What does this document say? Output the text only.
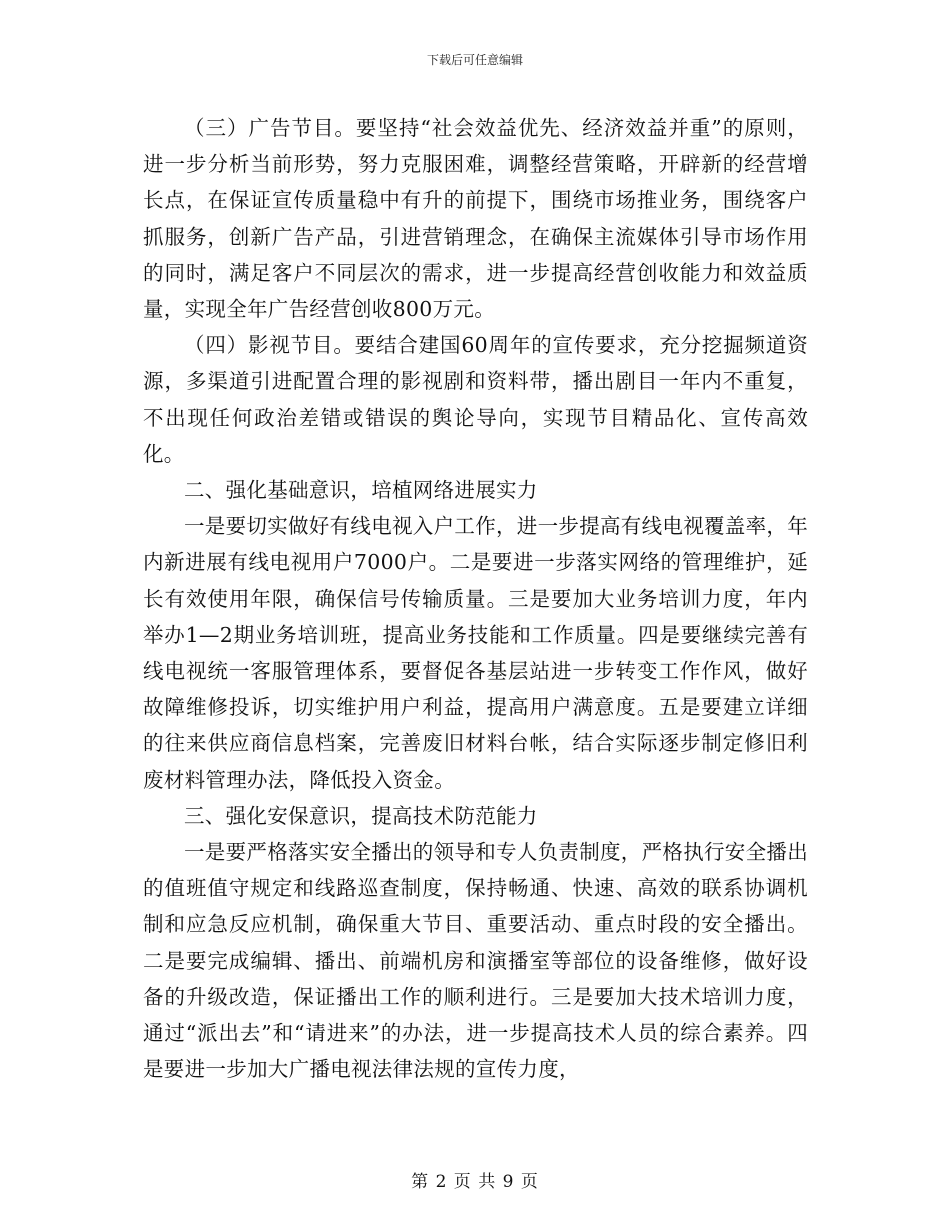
下载后可任意编辑

（三）广告节目。要坚持“社会效益优先、经济效益并重”的原则，进一步分析当前形势，努力克服困难，调整经营策略，开辟新的经营增长点，在保证宣传质量稳中有升的前提下，围绕市场推业务，围绕客户抓服务，创新广告产品，引进营销理念，在确保主流媒体引导市场作用的同时，满足客户不同层次的需求，进一步提高经营创收能力和效益质量，实现全年广告经营创收800万元。

（四）影视节目。要结合建国60周年的宣传要求，充分挖掘频道资源，多渠道引进配置合理的影视剧和资料带，播出剧目一年内不重复，不出现任何政治差错或错误的舆论导向，实现节目精品化、宣传高效化。

二、强化基础意识，培植网络进展实力

一是要切实做好有线电视入户工作，进一步提高有线电视覆盖率，年内新进展有线电视用户7000户。二是要进一步落实网络的管理维护，延长有效使用年限，确保信号传输质量。三是要加大业务培训力度，年内举办1—2期业务培训班，提高业务技能和工作质量。四是要继续完善有线电视统一客服管理体系，要督促各基层站进一步转变工作作风，做好故障维修投诉，切实维护用户利益，提高用户满意度。五是要建立详细的往来供应商信息档案，完善废旧材料台帐，结合实际逐步制定修旧利废材料管理办法，降低投入资金。

三、强化安保意识，提高技术防范能力

一是要严格落实安全播出的领导和专人负责制度，严格执行安全播出的值班值守规定和线路巡查制度，保持畅通、快速、高效的联系协调机制和应急反应机制，确保重大节目、重要活动、重点时段的安全播出。二是要完成编辑、播出、前端机房和演播室等部位的设备维修，做好设备的升级改造，保证播出工作的顺利进行。三是要加大技术培训力度，通过“派出去”和“请进来”的办法，进一步提高技术人员的综合素养。四是要进一步加大广播电视法律法规的宣传力度，

第 2 页 共 9 页
